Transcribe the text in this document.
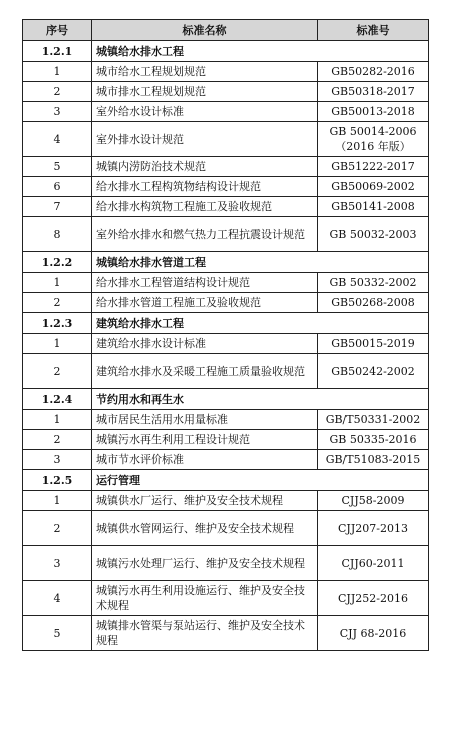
序号	标准名称	标准号
1.2.1	城镇给水排水工程	
1	城市给水工程规划规范	GB50282-2016

2	城市排水工程规划规范	GB50318-2017

3	室外给水设计标准	GB50013-2018

4	室外排水设计规范	GB 50014-2006
（2016 年版）

5	城镇内涝防治技术规范	GB51222-2017

6	给水排水工程构筑物结构设计规范	GB50069-2002

7	给水排水构筑物工程施工及验收规范	GB50141-2008

8	室外给水排水和燃气热力工程抗震设计规范	GB 50032-2003

1.2.2	城镇给水排水管道工程	
1	给水排水工程管道结构设计规范	GB 50332-2002

2	给水排水管道工程施工及验收规范	GB50268-2008

1.2.3	建筑给水排水工程	
1	建筑给水排水设计标准	GB50015-2019

2	建筑给水排水及采暖工程施工质量验收规范	GB50242-2002

1.2.4	节约用水和再生水	
1	城市居民生活用水用量标准	GB/T50331-2002

2	城镇污水再生利用工程设计规范	GB 50335-2016

3	城市节水评价标准	GB/T51083-2015

1.2.5	运行管理	
1	城镇供水厂运行、维护及安全技术规程	CJJ58-2009

2	城镇供水管网运行、维护及安全技术规程	CJJ207-2013

3	城镇污水处理厂运行、维护及安全技术规程	CJJ60-2011

4	城镇污水再生利用设施运行、维护及安全技术规程	CJJ252-2016

5	城镇排水管渠与泵站运行、维护及安全技术规程	CJJ 68-2016
